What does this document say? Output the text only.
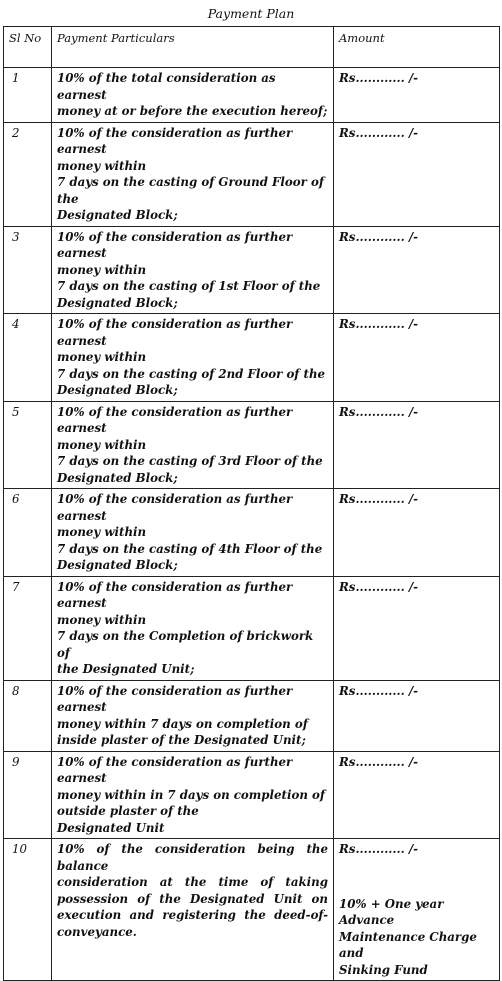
Payment Plan
Sl No	Payment Particulars	Amount
1	10% of the total consideration as earnest
money at or before the execution hereof;	Rs............ /-

2	10% of the consideration as further earnest
money within
7 days on the casting of Ground Floor of the
Designated Block;	Rs............ /-

3	10% of the consideration as further earnest
money within
7 days on the casting of 1st Floor of the
Designated Block;	Rs............ /-

4	10% of the consideration as further earnest
money within
7 days on the casting of 2nd Floor of the
Designated Block;	Rs............ /-

5	10% of the consideration as further earnest
money within
7 days on the casting of 3rd Floor of the
Designated Block;	Rs............ /-

6	10% of the consideration as further earnest
money within
7 days on the casting of 4th Floor of the
Designated Block;	Rs............ /-

7	10% of the consideration as further earnest
money within
7 days on the Completion of brickwork of
the Designated Unit;	Rs............ /-

8	10% of the consideration as further earnest
money within 7 days on completion of
inside plaster of the Designated Unit;	Rs............ /-

9	10% of the consideration as further earnest
money within in 7 days on completion of
outside plaster of the
Designated Unit	Rs............ /-

10	10% of the consideration being the balance
consideration at the time of taking
possession of the Designated Unit on
execution and registering the deed-of-
conveyance.	Rs............ /-
10% + One year Advance
Maintenance Charge and
Sinking Fund
